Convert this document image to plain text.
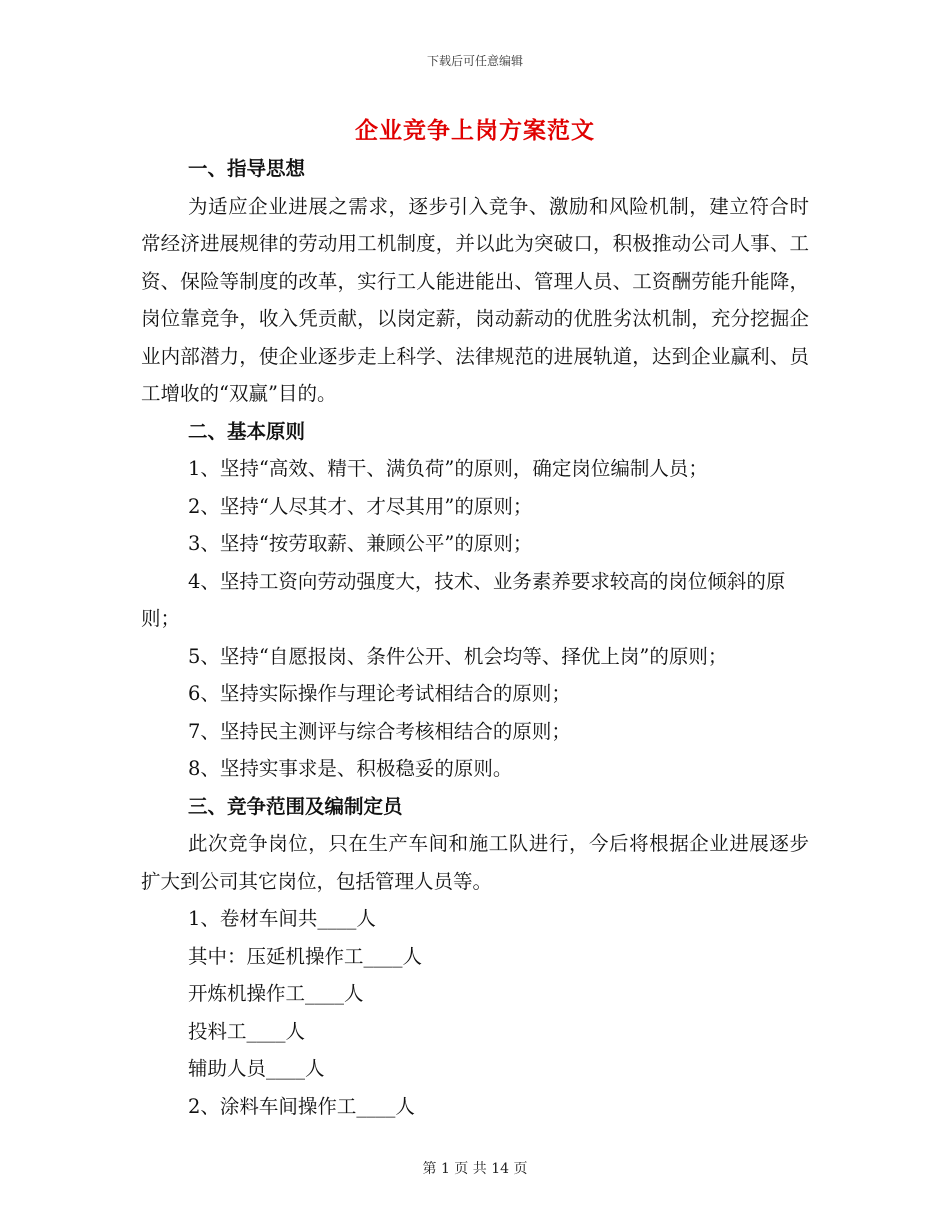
下载后可任意编辑
企业竞争上岗方案范文

一、指导思想

为适应企业进展之需求，逐步引入竞争、激励和风险机制，建立符合时常经济进展规律的劳动用工机制度，并以此为突破口，积极推动公司人事、工资、保险等制度的改革，实行工人能进能出、管理人员、工资酬劳能升能降，岗位靠竞争，收入凭贡献，以岗定薪，岗动薪动的优胜劣汰机制，充分挖掘企业内部潜力，使企业逐步走上科学、法律规范的进展轨道，达到企业赢利、员工增收的“双赢”目的。

二、基本原则

1、坚持“高效、精干、满负荷”的原则，确定岗位编制人员；

2、坚持“人尽其才、才尽其用”的原则；

3、坚持“按劳取薪、兼顾公平”的原则；

4、坚持工资向劳动强度大，技术、业务素养要求较高的岗位倾斜的原则；

5、坚持“自愿报岗、条件公开、机会均等、择优上岗”的原则；

6、坚持实际操作与理论考试相结合的原则；

7、坚持民主测评与综合考核相结合的原则；

8、坚持实事求是、积极稳妥的原则。

三、竞争范围及编制定员

此次竞争岗位，只在生产车间和施工队进行，今后将根据企业进展逐步扩大到公司其它岗位，包括管理人员等。

1、卷材车间共____人

其中：压延机操作工____人

开炼机操作工____人

投料工____人

辅助人员____人

2、涂料车间操作工____人

第 1 页 共 14 页
